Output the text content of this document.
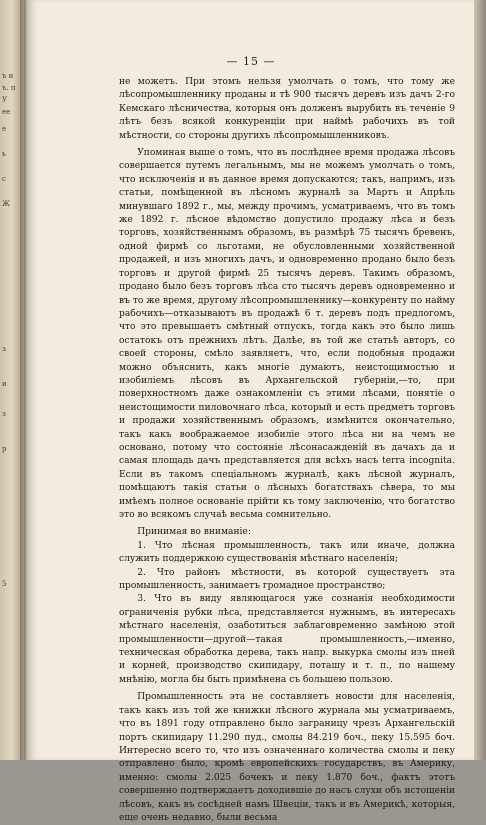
ъ и
ъ. п
У
ее
е
ь
с
Ж
з
и
з
р
5
— 15 —

не можетъ. При этомъ нельзя умолчать о томъ, что тому же лѣсопромышленнику проданы и тѣ 900 тысячъ деревъ изъ дачъ 2-го Кемскаго лѣсничества, которыя онъ долженъ вырубить въ теченіе 9 лѣтъ безъ всякой конкуренціи при наймѣ рабочихъ въ той мѣстности, со стороны другихъ лѣсопромышленниковъ.

Упоминая выше о томъ, что въ послѣднее время продажа лѣсовъ совершается путемъ легальнымъ, мы не можемъ умолчать о томъ, что исключенія и въ данное время допускаются; такъ, напримъ, изъ статьи, помѣщенной въ лѣсномъ журналѣ за Мартъ и Апрѣль минувшаго 1892 г., мы, между прочимъ, усматриваемъ, что въ томъ же 1892 г. лѣсное вѣдомство допустило продажу лѣса и безъ торговъ, хозяйственнымъ образомъ, въ размѣрѣ 75 тысячъ бревенъ, одной фирмѣ со льготами, не обусловленными хозяйственной продажей, и изъ многихъ дачъ, и одновременно продано было безъ торговъ и другой фирмѣ 25 тысячъ деревъ. Такимъ образомъ, продано было безъ торговъ лѣса сто тысячъ деревъ одновременно и въ то же время, другому лѣсопромышленнику—конкуренту по найму рабочихъ—отказываютъ въ продажѣ 6 т. деревъ подъ предлогомъ, что это превышаетъ смѣтный отпускъ, тогда какъ это было лишь остатокъ отъ прежнихъ лѣтъ. Далѣе, въ той же статьѣ авторъ, со своей стороны, смѣло заявляетъ, что, если подобныя продажи можно объяснить, какъ многіе думаютъ, неистощимостью и изобиліемъ лѣсовъ въ Архангельской губерніи,—то, при поверхностномъ даже ознакомленіи съ этими лѣсами, понятіе о неистощимости пиловочнаго лѣса, который и есть предметъ торговъ и продажи хозяйственнымъ образомъ, измѣнится окончательно, такъ какъ воображаемое изобиліе этого лѣса ни на чемъ не основано, потому что состояніе лѣсонасажденій въ дачахъ да и самая площадь дачъ представляется для всѣхъ насъ terra incognita. Если въ такомъ спеціальномъ журналѣ, какъ лѣсной журналъ, помѣщаютъ такія статьи о лѣсныхъ богатствахъ сѣвера, то мы имѣемъ полное основаніе прійти къ тому заключенію, что богатство это во всякомъ случаѣ весьма сомнительно.

Принимая во вниманіе:

1. Что лѣсная промышленность, такъ или иначе, должна служить поддержкою существованія мѣстнаго населенія;

2. Что районъ мѣстности, въ которой существуетъ эта промышленность, занимаетъ громадное пространство;

3. Что въ виду являющагося уже сознанія необходимости ограниченія рубки лѣса, представляется нужнымъ, въ интересахъ мѣстнаго населенія, озаботиться заблаговременно замѣною этой промышленности—другой—такая промышленность,—именно, техническая обработка дерева, такъ напр. выкурка смолы изъ пней и корней, производство скипидару, поташу и т. п., по нашему мнѣнію, могла бы быть примѣнена съ большею пользою.

Промышленность эта не составляетъ новости для населенія, такъ какъ изъ той же книжки лѣсного журнала мы усматриваемъ, что въ 1891 году отправлено было заграницу чрезъ Архангельскій портъ скипидару 11.290 пуд., смолы 84.219 боч., пеку 15.595 боч. Интересно всего то, что изъ означеннаго количества смолы и пеку отправлено было, кромѣ европейскихъ государствъ, въ Америку, именно: смолы 2.025 бочекъ и пеку 1.870 боч., фактъ этотъ совершенно подтверждаетъ доходившіе до насъ слухи объ истощеніи лѣсовъ, какъ въ сосѣдней намъ Швеціи, такъ и въ Америкѣ, которыя, еще очень недавно, были весьма
